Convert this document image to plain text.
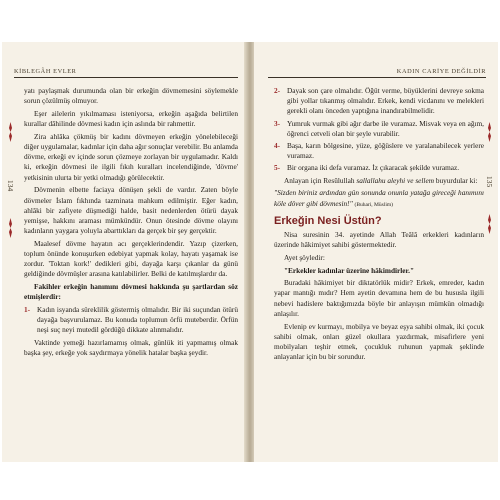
KİBLEGÂH EVLER
134

yatı paylaşmak durumunda olan bir erkeğin dövmemesini söylemekle sorun çözülmüş olmuyor.

Eşer ailelerin yıkılmaması isteniyorsa, erkeğin aşağıda belirtilen kurallar dâhilinde dövmesi kadın için aslında bir rahmettir.

Zira ahlâka çökmüş bir kadını dövmeyen erkeğin yönelebileceği diğer uygulamalar, kadınlar için daha ağır sonuçlar verebilir. Bu anlamda dövme, erkeği ev içinde sorun çözmeye zorlayan bir uygulamadır. Kaldı ki, erkeğin dövmesi ile ilgili fıkıh kuralları incelendiğinde, 'dövme' yetkisinin ulurta bir yetki olmadığı görülecektir.

Dövmenin elbette faciaya dönüşen şekli de vardır. Zaten böyle dövmeler İslam fıkhında tazminata mahkum edilmiştir. Eğer kadın, ahlâki bir zafiyete düşmediği halde, basit nedenlerden ötürü dayak yemişse, hakkını araması mümkündür. Onun ötesinde dövme olayını kadınların yaygara yoluyla abarttıkları da gerçek bir şey gerçektir.

Maalesef dövme hayatın acı gerçeklerindendir. Yazıp çizerken, toplum önünde konuşurken edebiyat yapmak kolay, hayatı yaşamak ise zordur. 'Toktan kork!' dedikleri gibi, dayağa karşı çıkanlar da günü geldiğinde dövmüşler arasına katılabilirler. Belki de katılmışlardır da.

Fakihler erkeğin hanımını dövmesi hakkında şu şartlardan söz etmişlerdir:

1- Kadın isyanda süreklilik göstermiş olmalıdır. Bir iki suçundan ötürü dayağa başvurulamaz. Bu konuda toplumun örfü muteberdir. Örfün neşi suç neyi mutedil gördüğü dikkate alınmalıdır.

Vaktinde yemeği hazırlamamış olmak, günlük iti yapmamış olmak başka şey, erkeğe yok saydırmaya yönelik hatalar başka şeydir.

KADIN CARİYE DEĞİLDİR
135
2- Dayak son çare olmalıdır. Öğüt verme, büyüklerini devreye sokma gibi yollar tıkanmış olmalıdır. Erkek, kendi vicdanını ve melekleri gerekli olanı önceden yaptığına inandırabilmelidir.
3- Yumruk vurmak gibi ağır darbe ile vuramaz. Misvak veya en ağım, öğrenci cetveli olan bir şeyle vurabilir.
4- Başa, karın bölgesine, yüze, göğüslere ve yaralanabilecek yerlere vuramaz.
5- Bir organa iki defa vuramaz. İz çıkaracak şekilde vuramaz.

Anlayan için Resûlullah sallallahu aleyhi ve sellem buyurdular ki:

"Sizden biriniz ardından gün sonunda onunla yatağa gireceği hanımını köle döver gibi dövmesin!" (Buhari, Müslim)

Erkeğin Nesi Üstün?

Nisa suresinin 34. ayetinde Allah Teâlâ erkekleri kadınların üzerinde hâkimiyet sahibi göstermektedir.

Ayet şöyledir:

"Erkekler kadınlar üzerine hâkimdirler."

Buradaki hâkimiyet bir diktatörlük midir? Erkek, emreder, kadın yapar mantığı mıdır? Hem ayetin devamına hem de bu hususla ilgili nebevi hadislere baktığımızda böyle bir anlayışın mümkün olmadığı anlaşılır.

Evlenip ev kurmayı, mobilya ve beyaz eşya sahibi olmak, iki çocuk sahibi olmak, onları güzel okullara yazdırmak, misafirlere yeni mobilyaları teşhir etmek, çocukluk ruhunun yapmak şeklinde anlayanlar için bu bir sorundur.
